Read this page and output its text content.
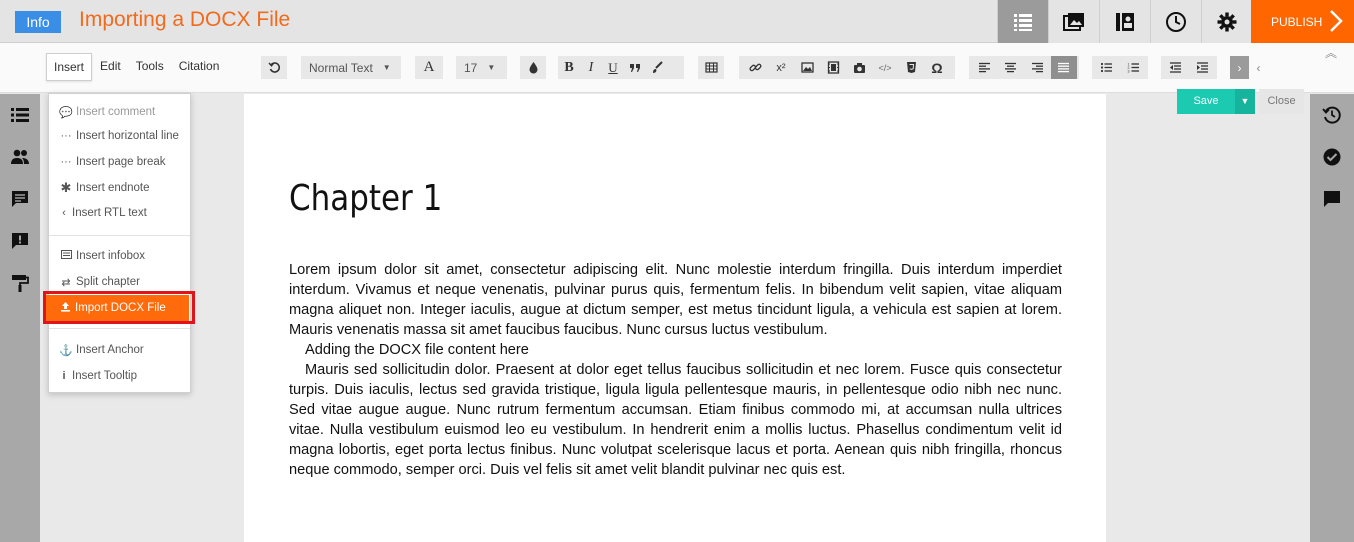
Info	Importing a DOCX File	PUBLISH
Insert	Edit	Tools	Citation	Normal Text ▼ A 17 ▼	B	I	U	x²	</>	Ω	1
2
3	› ‹
︽
Chapter 1

Lorem ipsum dolor sit amet, consectetur adipiscing elit. Nunc molestie interdum fringilla. Duis interdum imperdiet interdum. Vivamus et neque venenatis, pulvinar purus quis, fermentum felis. In bibendum velit sapien, vitae aliquam magna aliquet non. Integer iaculis, augue at dictum semper, est metus tincidunt ligula, a vehicula est sapien at lorem. Mauris venenatis massa sit amet faucibus faucibus. Nunc cursus luctus vestibulum.

Adding the DOCX file content here

Mauris sed sollicitudin dolor. Praesent at dolor eget tellus faucibus sollicitudin et nec lorem. Fusce quis consectetur turpis. Duis iaculis, lectus sed gravida tristique, ligula ligula pellentesque mauris, in pellentesque odio nibh nec nunc. Sed vitae augue augue. Nunc rutrum fermentum accumsan. Etiam finibus commodo mi, at accumsan nulla ultrices vitae. Nulla vestibulum euismod leo eu vestibulum. In hendrerit enim a mollis luctus. Phasellus condimentum velit id magna lobortis, eget porta lectus finibus. Nunc volutpat scelerisque lacus et porta. Aenean quis nibh fringilla, rhoncus neque commodo, semper orci. Duis vel felis sit amet velit blandit pulvinar nec quis est.

Save	▼	Close
💬 Insert comment
··· Insert horizontal line
··· Insert page break
✱ Insert endnote
‹ Insert RTL text
Insert infobox
⇄ Split chapter
Import DOCX File
⚓ Insert Anchor
i Insert Tooltip
